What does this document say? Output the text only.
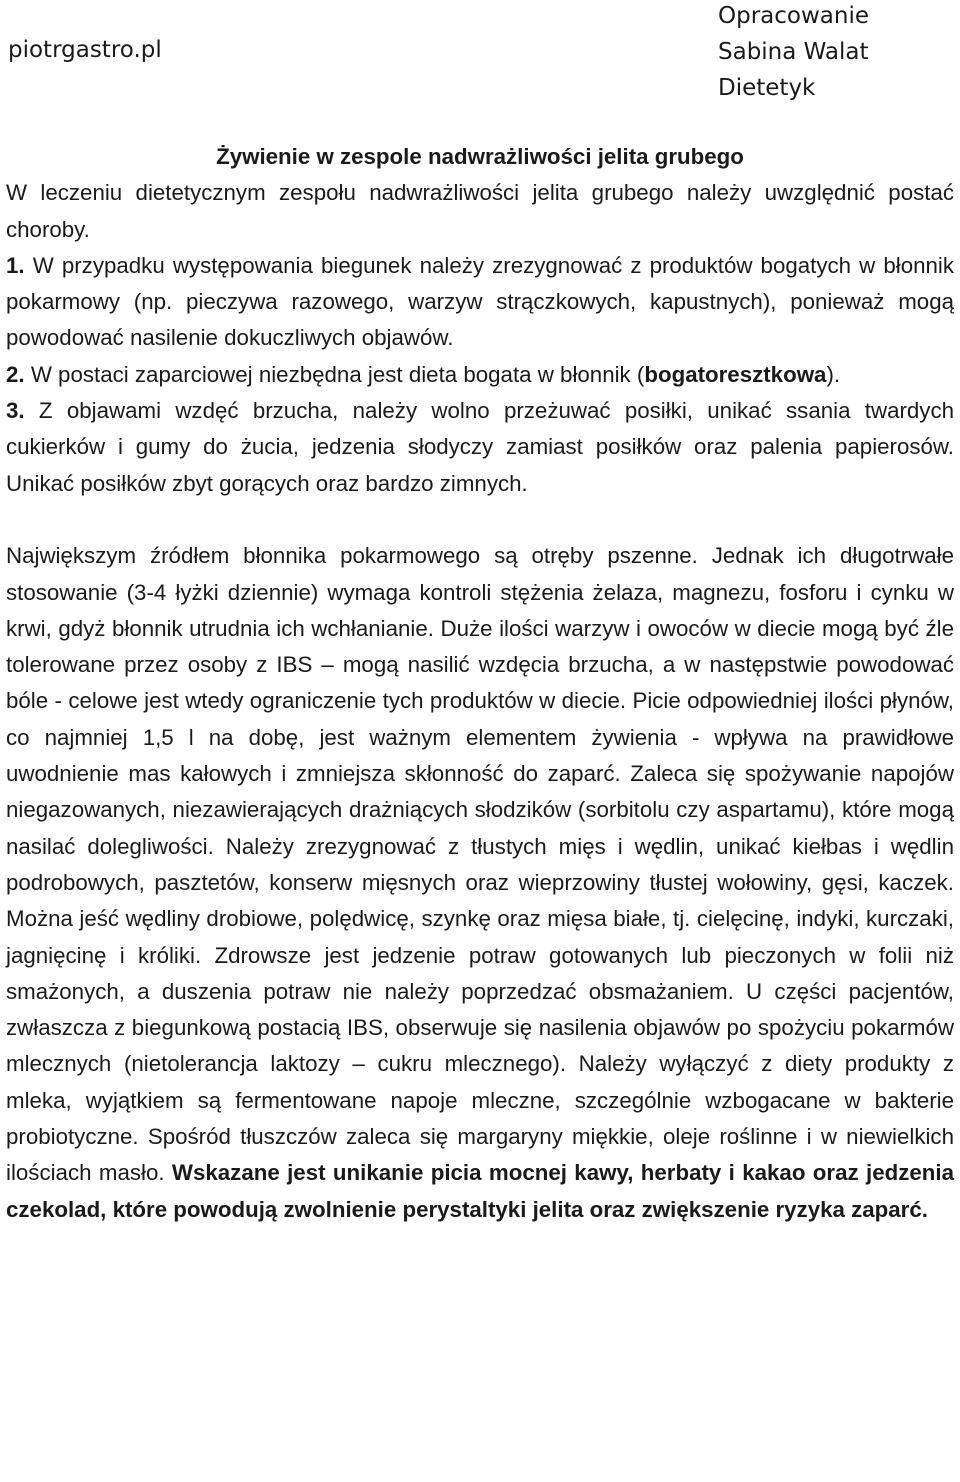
piotrgastro.pl
Opracowanie
Sabina Walat
Dietetyk

Żywienie w zespole nadwrażliwości jelita grubego

W leczeniu dietetycznym zespołu nadwrażliwości jelita grubego należy uwzględnić postać choroby.

1. W przypadku występowania biegunek należy zrezygnować z produktów bogatych w błonnik pokarmowy (np. pieczywa razowego, warzyw strączkowych, kapustnych), ponieważ mogą powodować nasilenie dokuczliwych objawów.

2. W postaci zaparciowej niezbędna jest dieta bogata w błonnik (bogatoresztkowa).

3. Z objawami wzdęć brzucha, należy wolno przeżuwać posiłki, unikać ssania twardych cukierków i gumy do żucia, jedzenia słodyczy zamiast posiłków oraz palenia papierosów. Unikać posiłków zbyt gorących oraz bardzo zimnych.

Największym źródłem błonnika pokarmowego są otręby pszenne. Jednak ich długotrwałe stosowanie (3-4 łyżki dziennie) wymaga kontroli stężenia żelaza, magnezu, fosforu i cynku w krwi, gdyż błonnik utrudnia ich wchłanianie. Duże ilości warzyw i owoców w diecie mogą być źle tolerowane przez osoby z IBS – mogą nasilić wzdęcia brzucha, a w następstwie powodować bóle - celowe jest wtedy ograniczenie tych produktów w diecie. Picie odpowiedniej ilości płynów, co najmniej 1,5 l na dobę, jest ważnym elementem żywienia - wpływa na prawidłowe uwodnienie mas kałowych i zmniejsza skłonność do zaparć. Zaleca się spożywanie napojów niegazowanych, niezawierających drażniących słodzików (sorbitolu czy aspartamu), które mogą nasilać dolegliwości. Należy zrezygnować z tłustych mięs i wędlin, unikać kiełbas i wędlin podrobowych, pasztetów, konserw mięsnych oraz wieprzowiny tłustej wołowiny, gęsi, kaczek. Można jeść wędliny drobiowe, polędwicę, szynkę oraz mięsa białe, tj. cielęcinę, indyki, kurczaki, jagnięcinę i króliki. Zdrowsze jest jedzenie potraw gotowanych lub pieczonych w folii niż smażonych, a duszenia potraw nie należy poprzedzać obsmażaniem. U części pacjentów, zwłaszcza z biegunkową postacią IBS, obserwuje się nasilenia objawów po spożyciu pokarmów mlecznych (nietolerancja laktozy – cukru mlecznego). Należy wyłączyć z diety produkty z mleka, wyjątkiem są fermentowane napoje mleczne, szczególnie wzbogacane w bakterie probiotyczne. Spośród tłuszczów zaleca się margaryny miękkie, oleje roślinne i w niewielkich ilościach masło. Wskazane jest unikanie picia mocnej kawy, herbaty i kakao oraz jedzenia czekolad, które powodują zwolnienie perystaltyki jelita oraz zwiększenie ryzyka zaparć.
